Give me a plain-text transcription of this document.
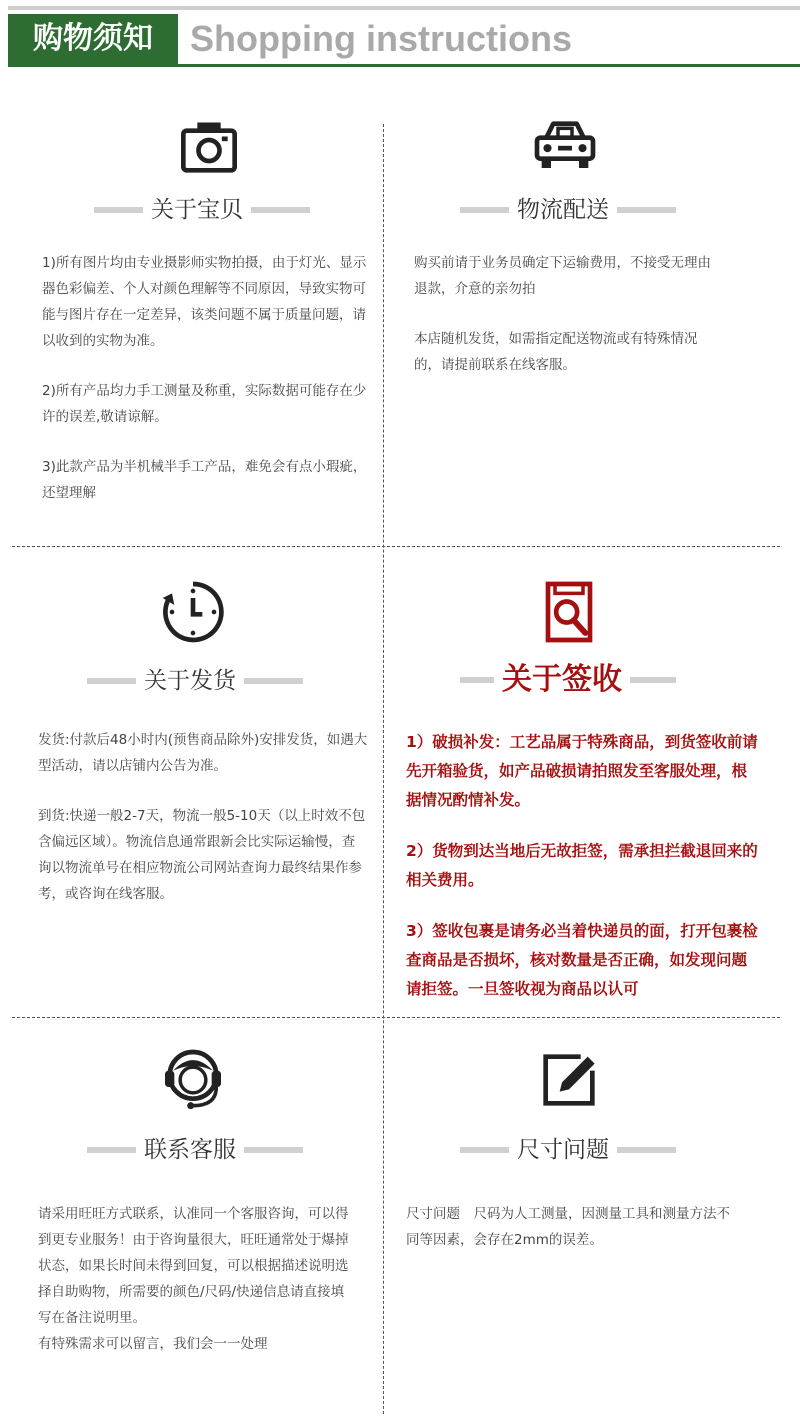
购物须知	Shopping instructions
关于宝贝

1)所有图片均由专业摄影师实物拍摄，由于灯光、显示器色彩偏差、个人对颜色理解等不同原因，导致实物可能与图片存在一定差异，该类问题不属于质量问题，请以收到的实物为准。

2)所有产品均力手工测量及称重，实际数据可能存在少许的误差,敬请谅解。

3)此款产品为半机械半手工产品，难免会有点小瑕疵，还望理解

物流配送

购买前请于业务员确定下运输费用，不接受无理由退款，介意的亲勿拍

本店随机发货，如需指定配送物流或有特殊情况的，请提前联系在线客服。

关于发货

发货:付款后48小时内(预售商品除外)安排发货，如遇大型活动，请以店铺内公告为准。

到货:快递一般2-7天，物流一般5-10天（以上时效不包含偏远区域）。物流信息通常跟新会比实际运输慢，查询以物流单号在相应物流公司网站查询力最终结果作参考，或咨询在线客服。

关于签收

1）破损补发：工艺品属于特殊商品，到货签收前请先开箱验货，如产品破损请拍照发至客服处理，根据情况酌情补发。

2）货物到达当地后无故拒签，需承担拦截退回来的相关费用。

3）签收包裹是请务必当着快递员的面，打开包裹检查商品是否损坏，核对数量是否正确，如发现问题请拒签。一旦签收视为商品以认可

联系客服

请采用旺旺方式联系，认准同一个客服咨询，可以得到更专业服务！由于咨询量很大，旺旺通常处于爆掉状态，如果长时间未得到回复，可以根据描述说明选择自助购物，所需要的颜色/尺码/快递信息请直接填写在备注说明里。

有特殊需求可以留言，我们会一一处理

尺寸问题

尺寸问题　尺码为人工测量，因测量工具和测量方法不同等因素，会存在2mm的误差。
